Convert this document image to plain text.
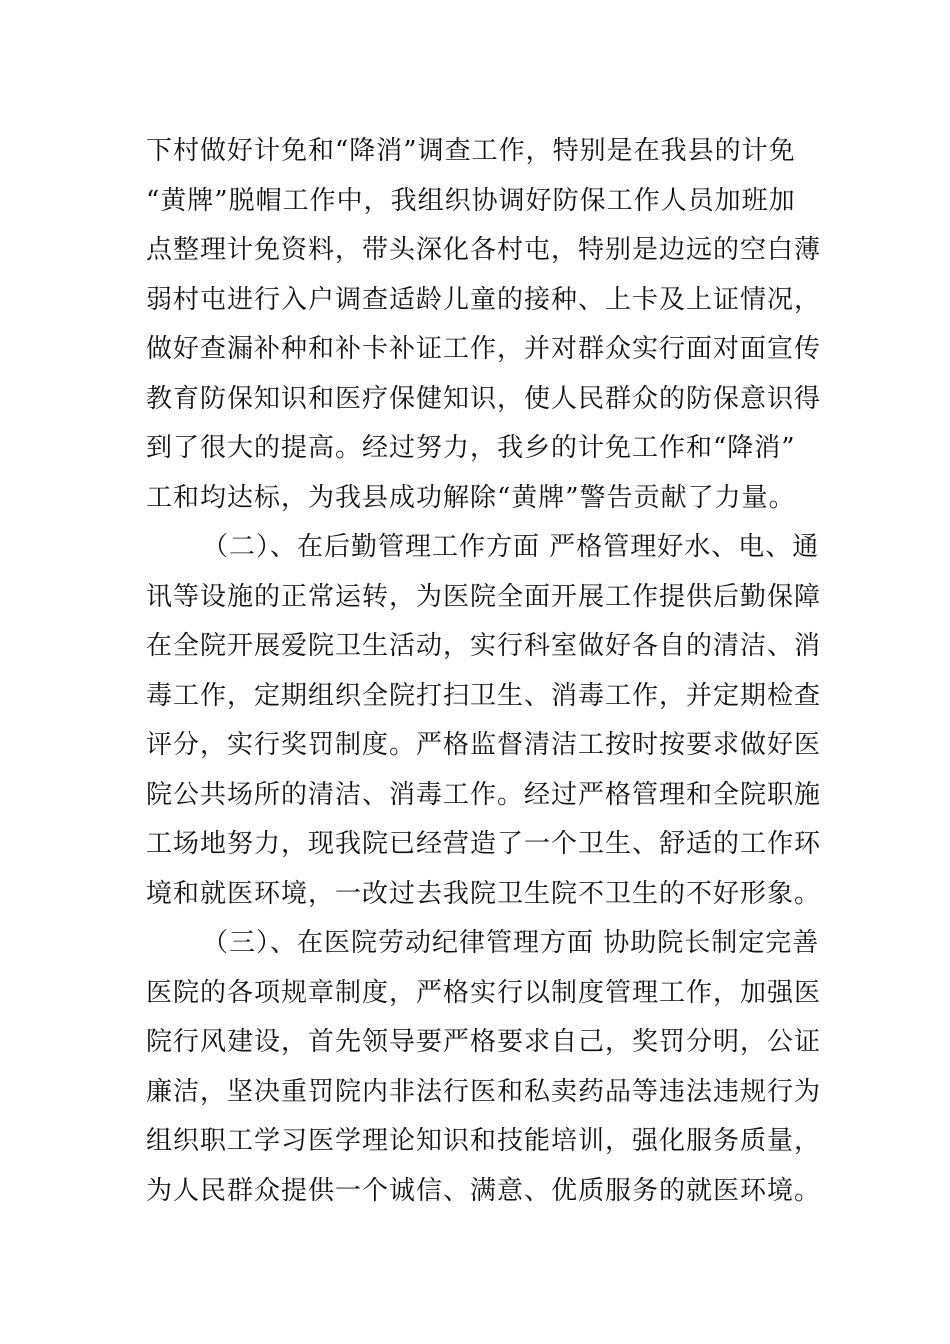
下村做好计免和“降消”调查工作，特别是在我县的计免
“黄牌”脱帽工作中，我组织协调好防保工作人员加班加
点整理计免资料，带头深化各村屯，特别是边远的空白薄
弱村屯进行入户调查适龄儿童的接种、上卡及上证情况，
做好查漏补种和补卡补证工作，并对群众实行面对面宣传
教育防保知识和医疗保健知识，使人民群众的防保意识得
到了很大的提高。经过努力，我乡的计免工作和“降消”
工和均达标，为我县成功解除“黄牌”警告贡献了力量。
（二）、在后勤管理工作方面 严格管理好水、电、通
讯等设施的正常运转，为医院全面开展工作提供后勤保障
在全院开展爱院卫生活动，实行科室做好各自的清洁、消
毒工作，定期组织全院打扫卫生、消毒工作，并定期检查
评分，实行奖罚制度。严格监督清洁工按时按要求做好医
院公共场所的清洁、消毒工作。经过严格管理和全院职施
工场地努力，现我院已经营造了一个卫生、舒适的工作环
境和就医环境，一改过去我院卫生院不卫生的不好形象。
（三）、在医院劳动纪律管理方面 协助院长制定完善
医院的各项规章制度，严格实行以制度管理工作，加强医
院行风建设，首先领导要严格要求自己，奖罚分明，公证
廉洁，坚决重罚院内非法行医和私卖药品等违法违规行为
组织职工学习医学理论知识和技能培训，强化服务质量，
为人民群众提供一个诚信、满意、优质服务的就医环境。
